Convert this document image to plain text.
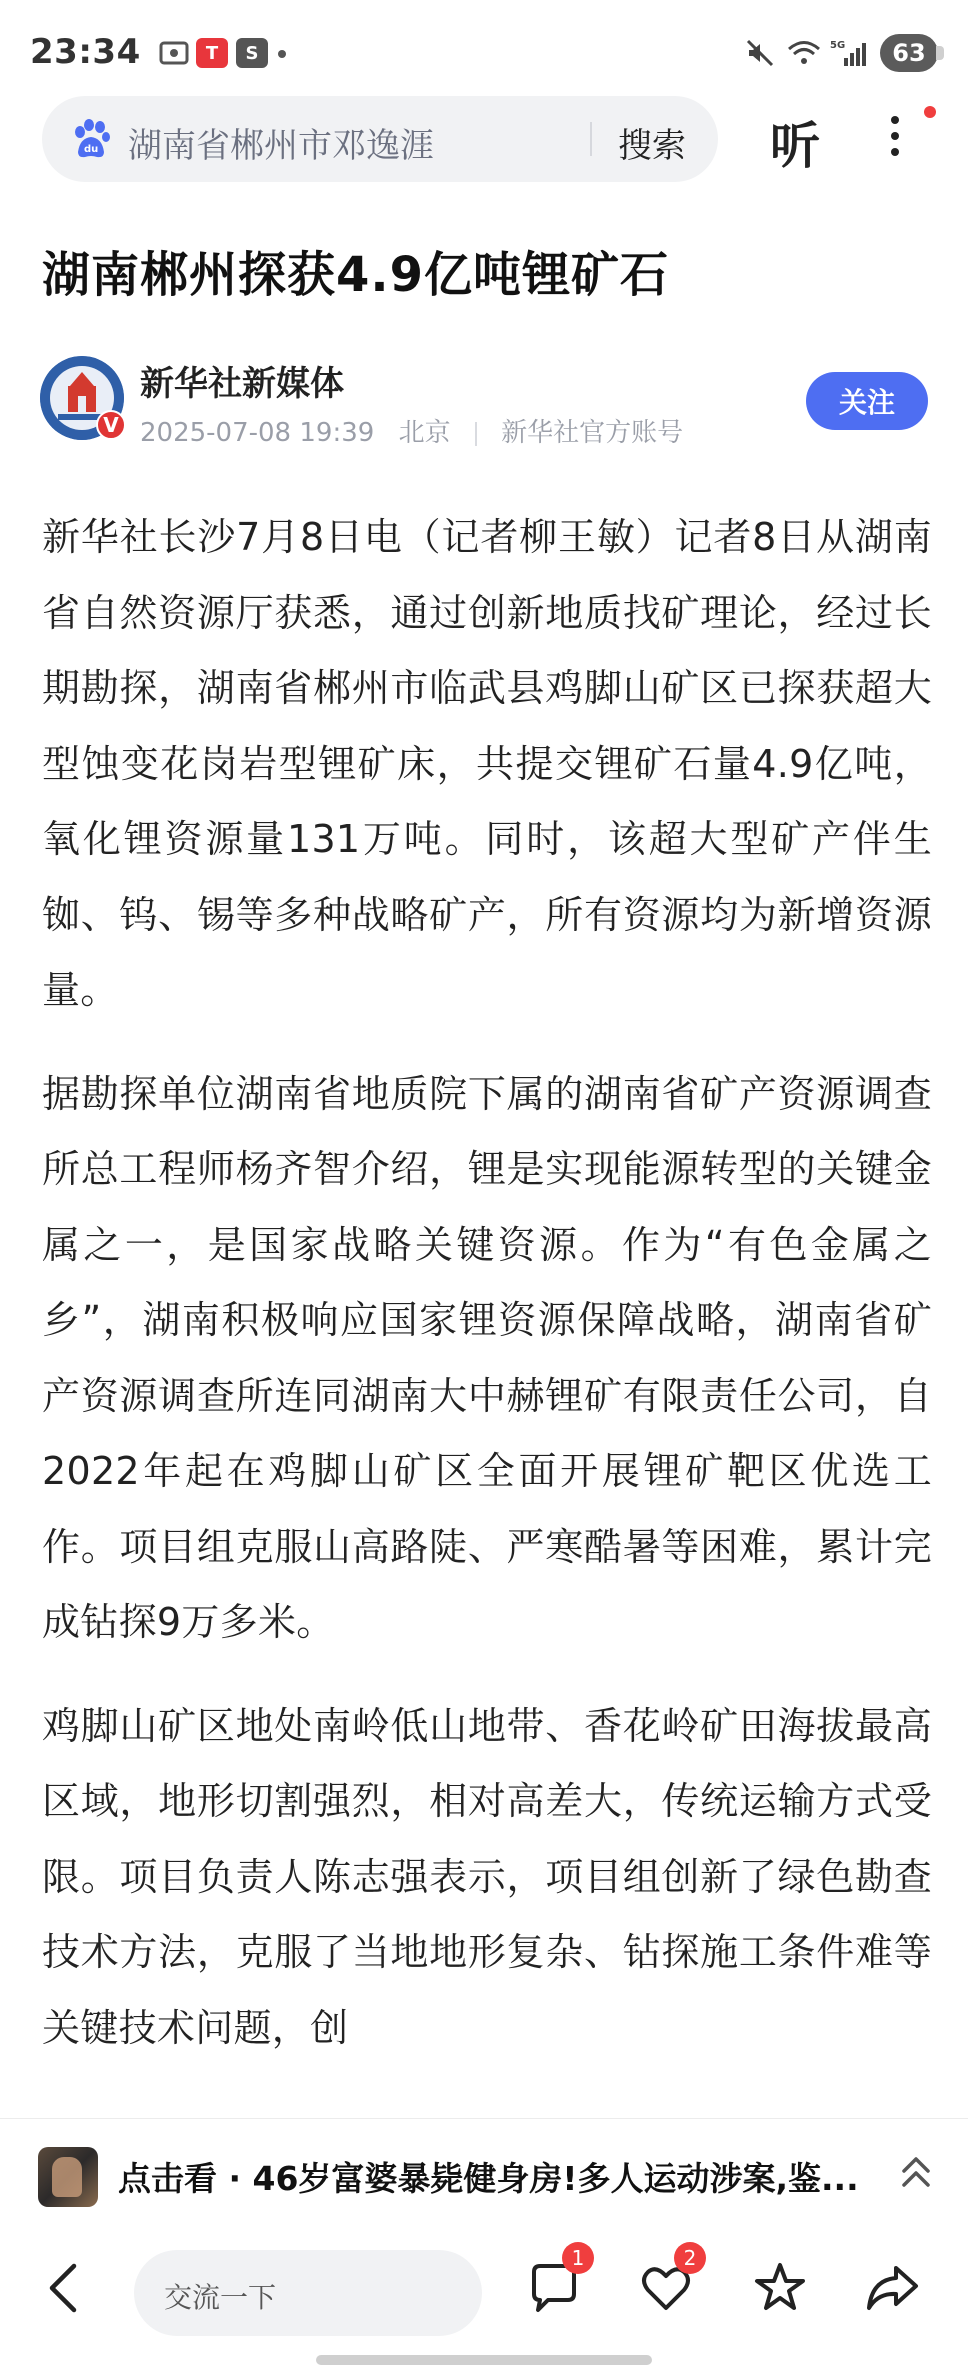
23:34	T	S	5G	63
du 湖南省郴州市邓逸涯	搜索 听
湖南郴州探获4.9亿吨锂矿石
V
新华社新媒体
2025-07-08 19:39 北京 新华社官方账号
关注

新华社长沙7月8日电（记者柳王敏）记者8日从湖南省自然资源厅获悉，通过创新地质找矿理论，经过长期勘探，湖南省郴州市临武县鸡脚山矿区已探获超大型蚀变花岗岩型锂矿床，共提交锂矿石量4.9亿吨，氧化锂资源量131万吨。同时，该超大型矿产伴生铷、钨、锡等多种战略矿产，所有资源均为新增资源量。

据勘探单位湖南省地质院下属的湖南省矿产资源调查所总工程师杨齐智介绍，锂是实现能源转型的关键金属之一，是国家战略关键资源。作为“有色金属之乡”，湖南积极响应国家锂资源保障战略，湖南省矿产资源调查所连同湖南大中赫锂矿有限责任公司，自2022年起在鸡脚山矿区全面开展锂矿靶区优选工作。项目组克服山高路陡、严寒酷暑等困难，累计完成钻探9万多米。

鸡脚山矿区地处南岭低山地带、香花岭矿田海拔最高区域，地形切割强烈，相对高差大，传统运输方式受限。项目负责人陈志强表示，项目组创新了绿色勘查技术方法，克服了当地地形复杂、钻探施工条件难等关键技术问题，创

点击看 · 46岁富婆暴毙健身房!多人运动涉案,鉴...
交流一下
1	2
